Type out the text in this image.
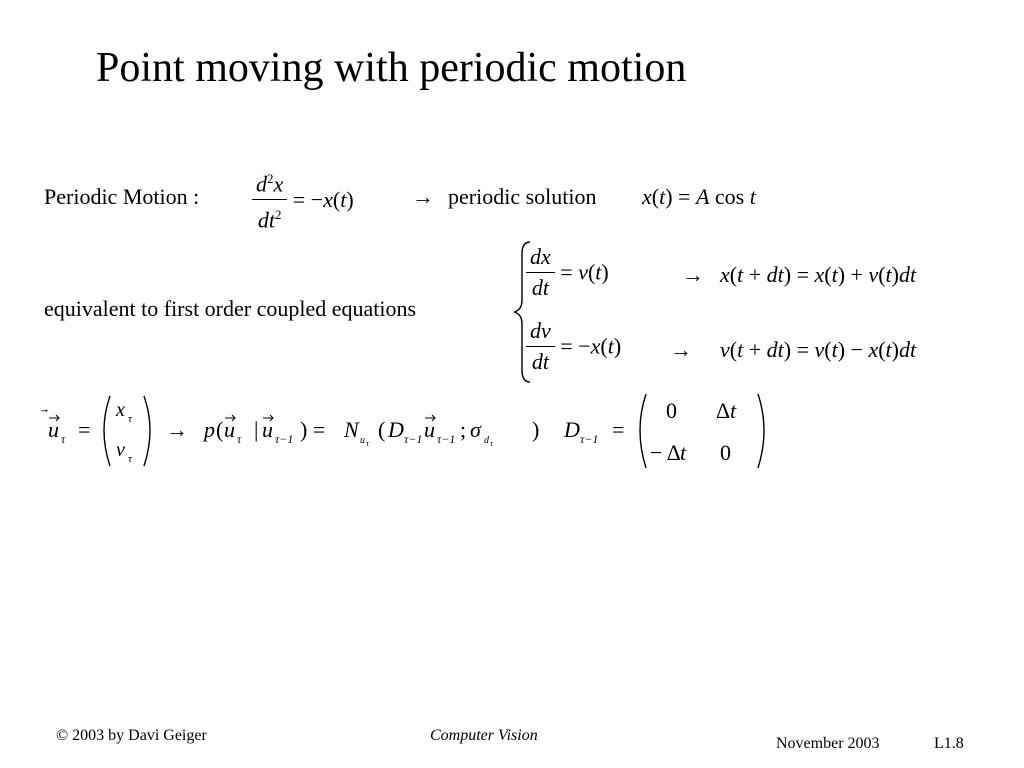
Point moving with periodic motion
Periodic Motion : $\frac{d^2x}{dt^2} = -x(t)$	→ periodic solution x(t) = A cos t
equivalent to first order coupled equations
$\frac{dx}{dt} = v(t)$	→ x(t + dt) = x(t) + v(t)dt
$\frac{dv}{dt} = -x(t) \to v(t + dt) = v(t) - x(t)dt$
u τ =
x τ
v τ
→ p ( u τ | u τ−1 ) = N u τ
( D τ−1 u τ−1 ; σ d τ
) D τ−1 =
0 Δ t
− Δ t 0
© 2003 by Davi Geiger	Computer Vision	November 2003	L1.8
